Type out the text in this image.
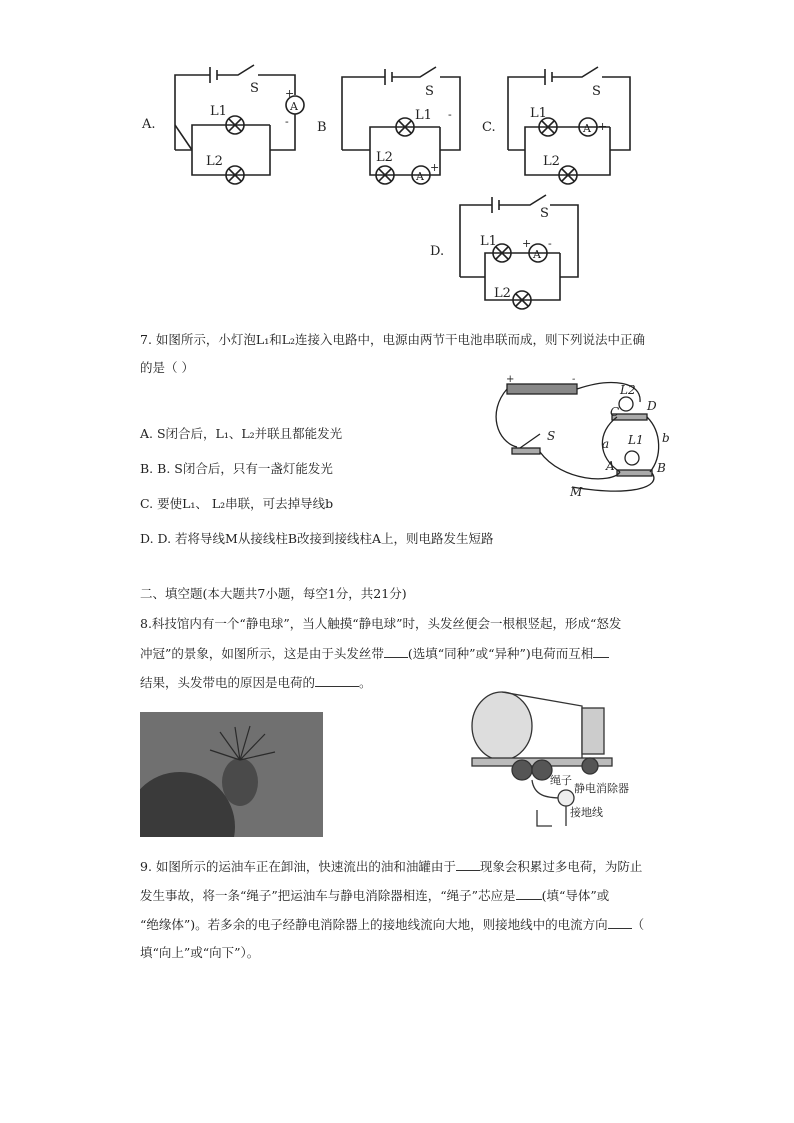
A.
S
L1
L2
A
+
- B
S
L1
L2
A
+
-
C.
S
L1
L2
A +
-
D.
S
L1
L2
A
+ -
7. 如图所示，小灯泡L₁和L₂连接入电路中，电源由两节干电池串联而成，则下列说法中正确
的是（ ）
A. S闭合后，L₁、L₂并联且都能发光
B. B. S闭合后，只有一盏灯能发光
C. 要使L₁、 L₂串联，可去掉导线b
D. D. 若将导线M从接线柱B改接到接线柱A上，则电路发生短路
L2
C D
L1
a	b
A	B
S
M
+	-
二、填空题(本大题共7小题，每空1分，共21分)
8.科技馆内有一个“静电球”，当人触摸“静电球”时，头发丝便会一根根竖起，形成“怒发
冲冠”的景象，如图所示，这是由于头发丝带 (选填“同种”或“异种”)电荷而互相
结果，头发带电的原因是电荷的	。
绳子
静电消除器
接地线
9. 如图所示的运油车正在卸油，快速流出的油和油罐由于 现象会积累过多电荷，为防止
发生事故，将一条“绳子”把运油车与静电消除器相连，“绳子”芯应是 (填“导体”或
“绝缘体”)。若多余的电子经静电消除器上的接地线流向大地，则接地线中的电流方向 （
填“向上”或“向下”）。
